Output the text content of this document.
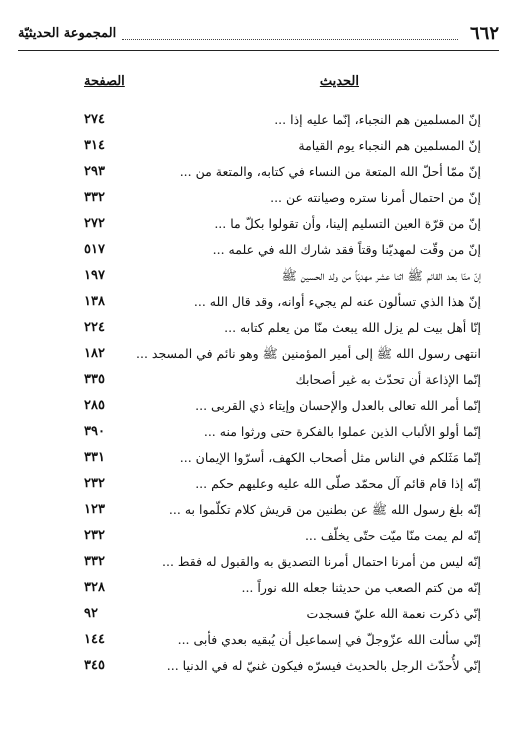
٦٦٢
المجموعة الحديثيّة
الحديث
الصفحة
إنّ المسلمين هم النجباء، إنّما عليه إذا ...
٢٧٤
إنّ المسلمين هم النجباء يوم القيامة
٣١٤
إنّ ممّا أحلّ الله المتعة من النساء في كتابه، والمتعة من ...
٢٩٣
إنّ من احتمال أمرنا ستره وصيانته عن ...
٣٣٢
إنّ من قرّة العين التسليم إلينا، وأن تقولوا بكلّ ما ...
٢٧٢
إنّ من وقّت لمهديّنا وقتاً فقد شارك الله في علمه ...
٥١٧
إنّ منّا بعد القائم ﷺ اثنا عشر مهديّاً من ولد الحسين ﷺ
١٩٧
إنّ هذا الذي تسألون عنه لم يجيء أوانه، وقد قال الله ...
١٣٨
إنّا أهل بيت لم يزل الله يبعث منّا من يعلم كتابه ...
٢٢٤
انتهى رسول الله ﷺ إلى أمير المؤمنين ﷺ وهو نائم في المسجد ...
١٨٢
إنّما الإذاعة أن تحدّث به غير أصحابك
٣٣٥
إنّما أمر الله تعالى بالعدل والإحسان وإيتاء ذي القربى ...
٢٨٥
إنّما أولو الألباب الذين عملوا بالفكرة حتى ورثوا منه ...
٣٩٠
إنّما مَثَلكم في الناس مثل أصحاب الكهف، أسرّوا الإيمان ...
٣٣١
إنّه إذا قام قائم آل محمّد صلّى الله عليه وعليهم حكم ...
٢٣٢
إنّه بلغ رسول الله ﷺ عن بطنين من قريش كلام تكلّموا به ...
١٢٣
إنّه لم يمت منّا ميّت حتّى يخلّف ...
٢٣٢
إنّه ليس من أمرنا احتمال أمرنا التصديق به والقبول له فقط ...
٣٣٢
إنّه من كتم الصعب من حديثنا جعله الله نوراً ...
٣٢٨
إنّي ذكرت نعمة الله عليّ فسجدت
٩٢
إنّي سألت الله عزّوجلّ في إسماعيل أن يُبقيه بعدي فأبى ...
١٤٤
إنّي لأُحدّث الرجل بالحديث فيسرّه فيكون غنيّ له في الدنيا ...
٣٤٥
